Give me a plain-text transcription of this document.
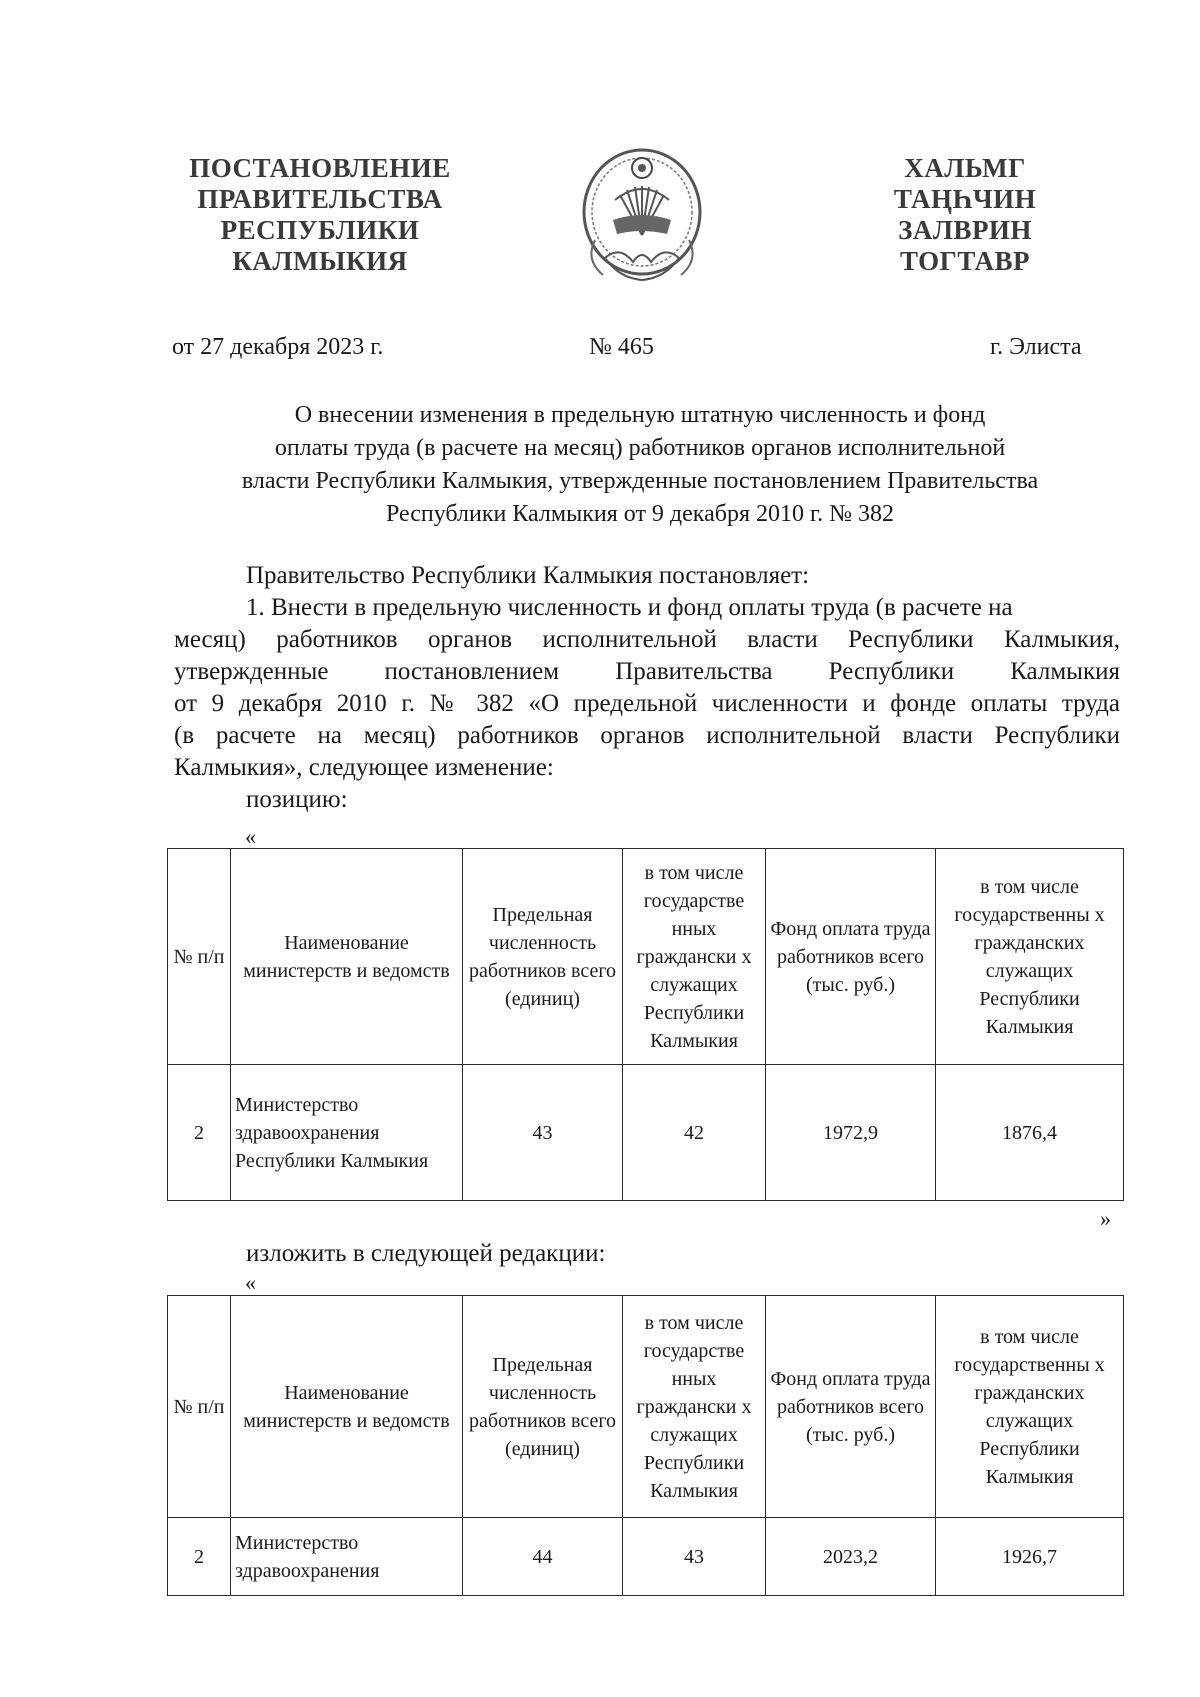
ПОСТАНОВЛЕНИЕ
ПРАВИТЕЛЬСТВА
РЕСПУБЛИКИ
КАЛМЫКИЯ
ХАЛЬМГ
ТАҢҺЧИН
ЗАЛВРИН
ТОГТАВР
от 27 декабря 2023 г.	№ 465	г. Элиста
О внесении изменения в предельную штатную численность и фонд
оплаты труда (в расчете на месяц) работников органов исполнительной
власти Республики Калмыкия, утвержденные постановлением Правительства
Республики Калмыкия от 9 декабря 2010 г. № 382
Правительство Республики Калмыкия постановляет:
1. Внести в предельную численность и фонд оплаты труда (в расчете на
месяц) работников органов исполнительной власти Республики Калмыкия,
утвержденные постановлением Правительства Республики Калмыкия
от 9 декабря 2010 г. № 382 «О предельной численности и фонде оплаты труда
(в расчете на месяц) работников органов исполнительной власти Республики
Калмыкия», следующее изменение:
позицию:
«
№ п/п	Наименование министерств и ведомств	Предельная численность работников всего (единиц)	в том числе государстве нных граждански х служащих Республики Калмыкия	Фонд оплата труда работников всего (тыс. руб.)	в том числе государственны х гражданских служащих Республики Калмыкия
2	Министерство здравоохранения Республики Калмыкия	43	42	1972,9	1876,4
»
изложить в следующей редакции:
«
№ п/п	Наименование министерств и ведомств	Предельная численность работников всего (единиц)	в том числе государстве нных граждански х служащих Республики Калмыкия	Фонд оплата труда работников всего (тыс. руб.)	в том числе государственны х гражданских служащих Республики Калмыкия
2	Министерство здравоохранения	44	43	2023,2	1926,7
